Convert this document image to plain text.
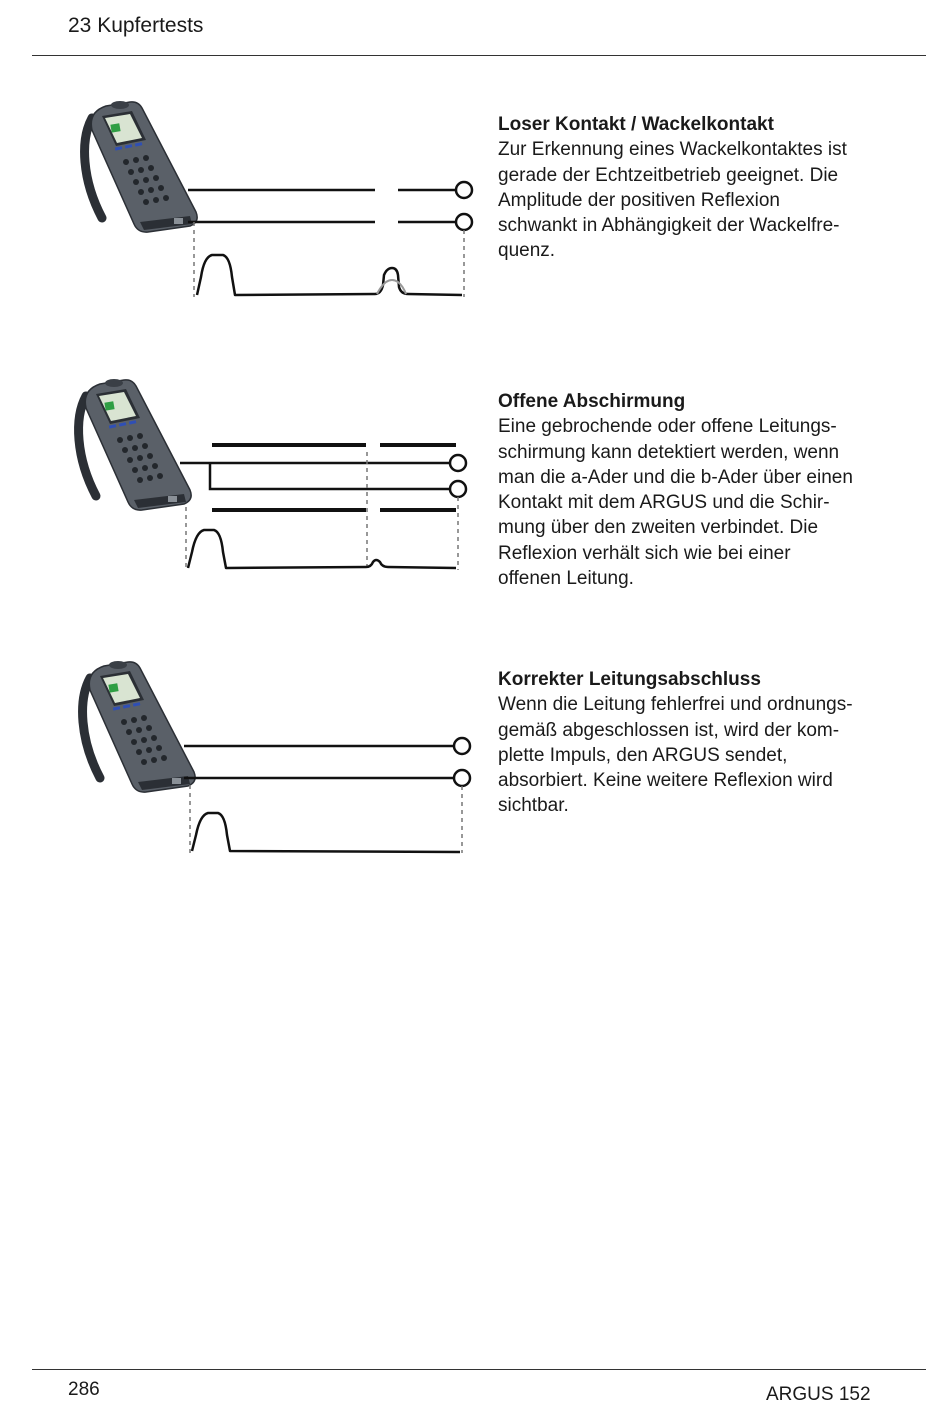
23 Kupfertests
Loser Kontakt / Wackelkontakt
Zur Erkennung eines Wackelkontaktes ist
gerade der Echtzeitbetrieb geeignet. Die
Amplitude der positiven Reflexion
schwankt in Abhängigkeit der Wackelfre-
quenz.
Offene Abschirmung
Eine gebrochende oder offene Leitungs-
schirmung kann detektiert werden, wenn
man die a-Ader und die b-Ader über einen
Kontakt mit dem ARGUS und die Schir-
mung über den zweiten verbindet. Die
Reflexion verhält sich wie bei einer
offenen Leitung.
Korrekter Leitungsabschluss
Wenn die Leitung fehlerfrei und ordnungs-
gemäß abgeschlossen ist, wird der kom-
plette Impuls, den ARGUS sendet,
absorbiert. Keine weitere Reflexion wird
sichtbar.
286	ARGUS 152
